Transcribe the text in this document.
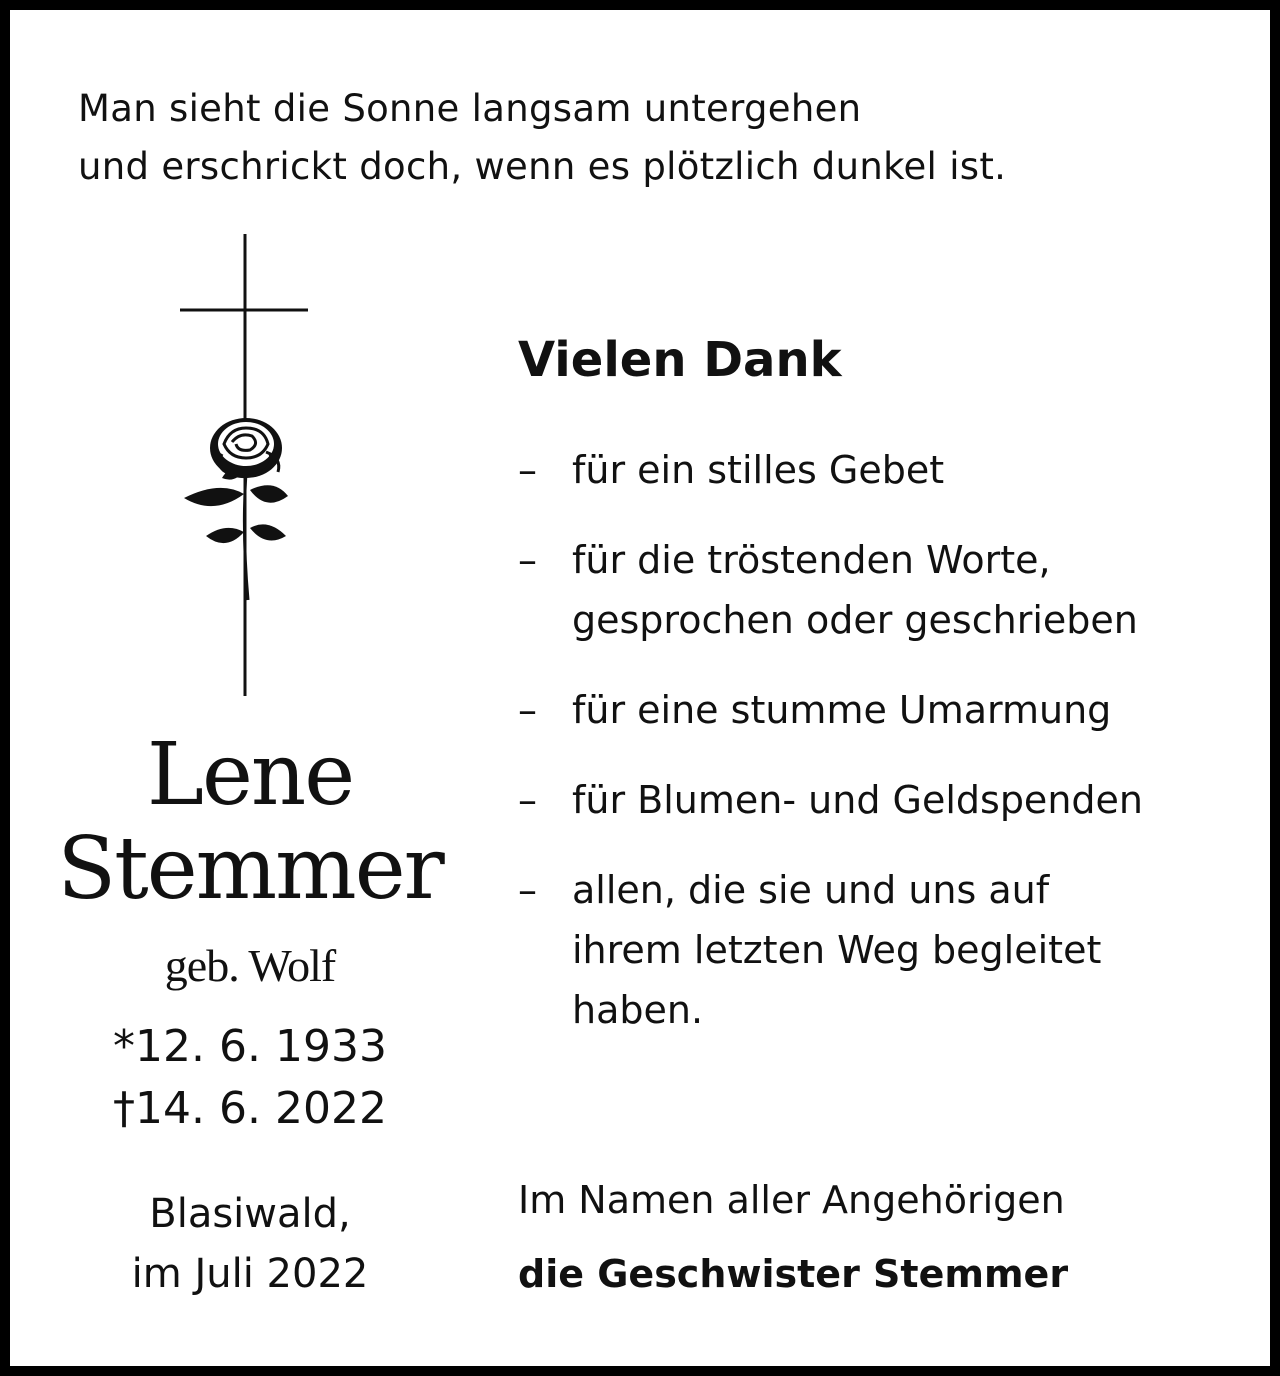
Man sieht die Sonne langsam untergehen
und erschrickt doch, wenn es plötzlich dunkel ist.
Lene
Stemmer
geb. Wolf
*12. 6. 1933
†14. 6. 2022
Blasiwald,
im Juli 2022
Vielen Dank
– für ein stilles Gebet
– für die tröstenden Worte,
gesprochen oder geschrieben
– für eine stumme Umarmung
– für Blumen- und Geldspenden
– allen, die sie und uns auf
ihrem letzten Weg begleitet
haben.
Im Namen aller Angehörigen
die Geschwister Stemmer
